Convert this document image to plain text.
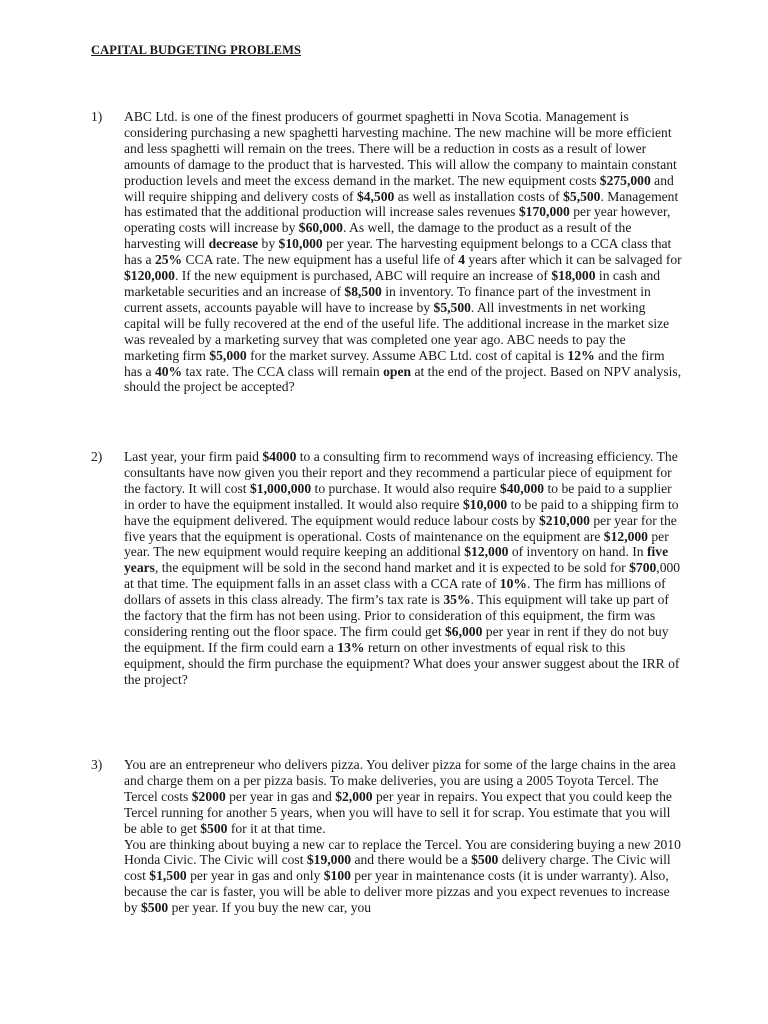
CAPITAL BUDGETING PROBLEMS
1) ABC Ltd. is one of the finest producers of gourmet spaghetti in Nova Scotia. Management is considering purchasing a new spaghetti harvesting machine. The new machine will be more efficient and less spaghetti will remain on the trees. There will be a reduction in costs as a result of lower amounts of damage to the product that is harvested. This will allow the company to maintain constant production levels and meet the excess demand in the market. The new equipment costs $275,000 and will require shipping and delivery costs of $4,500 as well as installation costs of $5,500. Management has estimated that the additional production will increase sales revenues $170,000 per year however, operating costs will increase by $60,000. As well, the damage to the product as a result of the harvesting will decrease by $10,000 per year. The harvesting equipment belongs to a CCA class that has a 25% CCA rate. The new equipment has a useful life of 4 years after which it can be salvaged for $120,000. If the new equipment is purchased, ABC will require an increase of $18,000 in cash and marketable securities and an increase of $8,500 in inventory. To finance part of the investment in current assets, accounts payable will have to increase by $5,500. All investments in net working capital will be fully recovered at the end of the useful life. The additional increase in the market size was revealed by a marketing survey that was completed one year ago. ABC needs to pay the marketing firm $5,000 for the market survey. Assume ABC Ltd. cost of capital is 12% and the firm has a 40% tax rate. The CCA class will remain open at the end of the project. Based on NPV analysis, should the project be accepted?

2) Last year, your firm paid $4000 to a consulting firm to recommend ways of increasing efficiency. The consultants have now given you their report and they recommend a particular piece of equipment for the factory. It will cost $1,000,000 to purchase. It would also require $40,000 to be paid to a supplier in order to have the equipment installed. It would also require $10,000 to be paid to a shipping firm to have the equipment delivered. The equipment would reduce labour costs by $210,000 per year for the five years that the equipment is operational. Costs of maintenance on the equipment are $12,000 per year. The new equipment would require keeping an additional $12,000 of inventory on hand. In five years, the equipment will be sold in the second hand market and it is expected to be sold for $700,000 at that time. The equipment falls in an asset class with a CCA rate of 10%. The firm has millions of dollars of assets in this class already. The firm’s tax rate is 35%. This equipment will take up part of the factory that the firm has not been using. Prior to consideration of this equipment, the firm was considering renting out the floor space. The firm could get $6,000 per year in rent if they do not buy the equipment. If the firm could earn a 13% return on other investments of equal risk to this equipment, should the firm purchase the equipment? What does your answer suggest about the IRR of the project?

3) You are an entrepreneur who delivers pizza. You deliver pizza for some of the large chains in the area and charge them on a per pizza basis. To make deliveries, you are using a 2005 Toyota Tercel. The Tercel costs $2000 per year in gas and $2,000 per year in repairs. You expect that you could keep the Tercel running for another 5 years, when you will have to sell it for scrap. You estimate that you will be able to get $500 for it at that time.
You are thinking about buying a new car to replace the Tercel. You are considering buying a new 2010 Honda Civic. The Civic will cost $19,000 and there would be a $500 delivery charge. The Civic will cost $1,500 per year in gas and only $100 per year in maintenance costs (it is under warranty). Also, because the car is faster, you will be able to deliver more pizzas and you expect revenues to increase by $500 per year. If you buy the new car, you
